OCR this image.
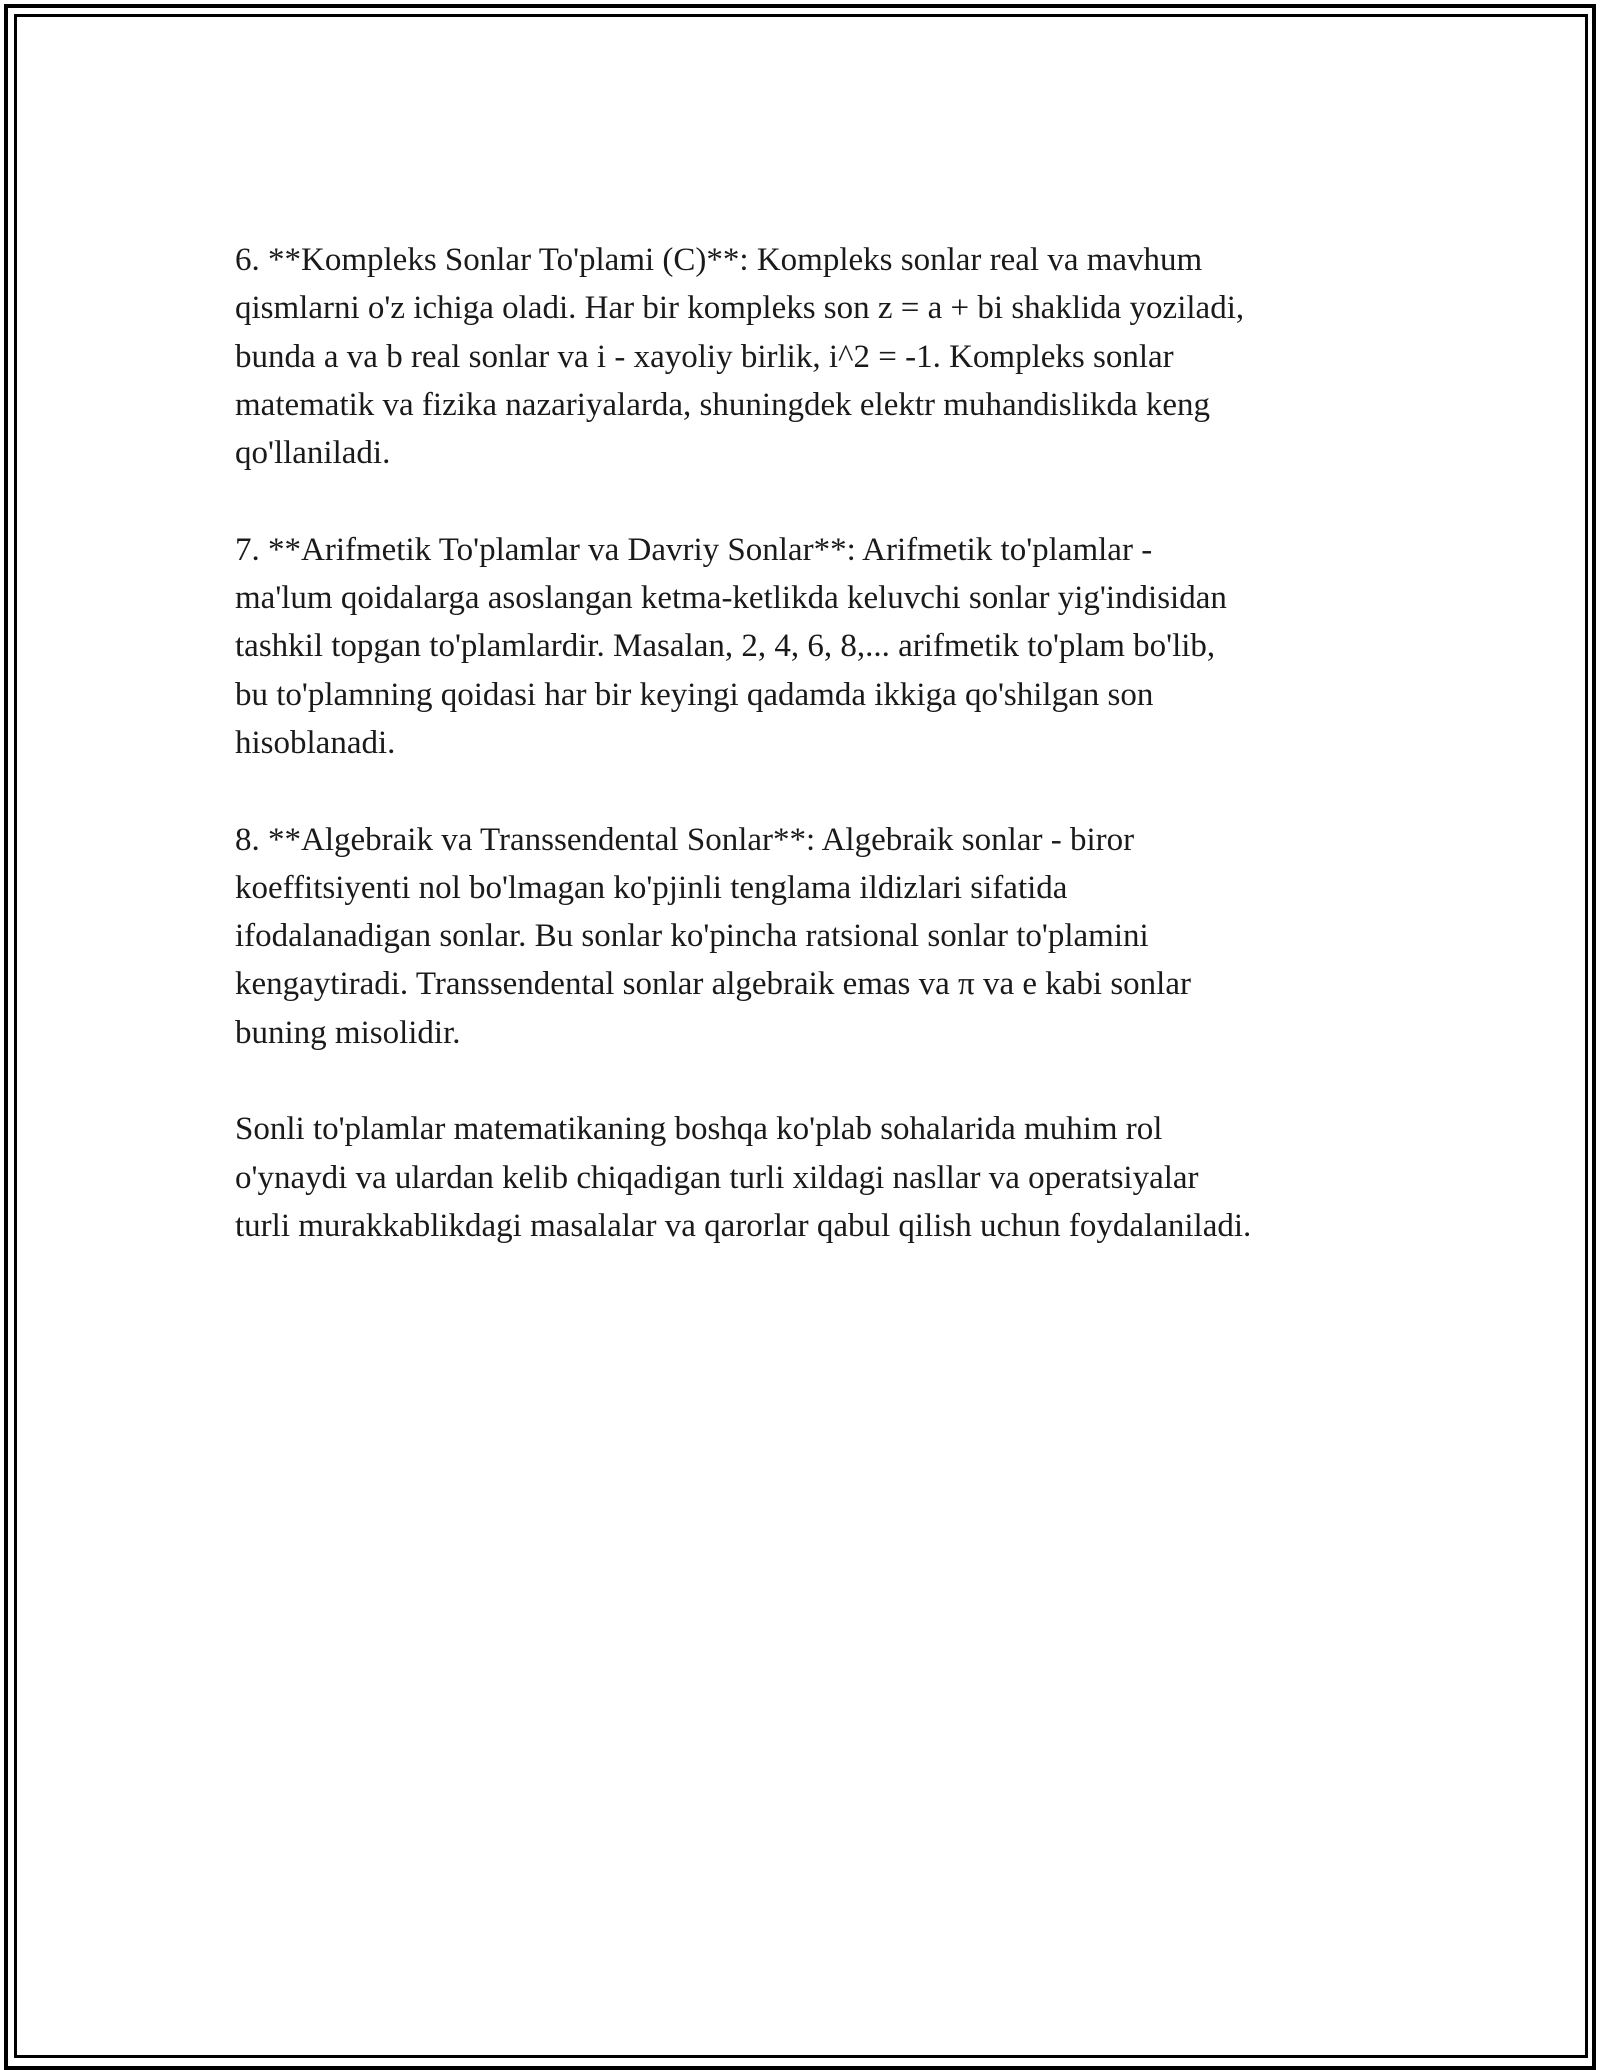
6. **Kompleks Sonlar To'plami (C)**: Kompleks sonlar real va mavhum
qismlarni o'z ichiga oladi. Har bir kompleks son z = a + bi shaklida yoziladi,
bunda a va b real sonlar va i - xayoliy birlik, i^2 = -1. Kompleks sonlar
matematik va fizika nazariyalarda, shuningdek elektr muhandislikda keng
qo'llaniladi.

7. **Arifmetik To'plamlar va Davriy Sonlar**: Arifmetik to'plamlar -
ma'lum qoidalarga asoslangan ketma-ketlikda keluvchi sonlar yig'indisidan
tashkil topgan to'plamlardir. Masalan, 2, 4, 6, 8,... arifmetik to'plam bo'lib,
bu to'plamning qoidasi har bir keyingi qadamda ikkiga qo'shilgan son
hisoblanadi.

8. **Algebraik va Transsendental Sonlar**: Algebraik sonlar - biror
koeffitsiyenti nol bo'lmagan ko'pjinli tenglama ildizlari sifatida
ifodalanadigan sonlar. Bu sonlar ko'pincha ratsional sonlar to'plamini
kengaytiradi. Transsendental sonlar algebraik emas va π va e kabi sonlar
buning misolidir.

Sonli to'plamlar matematikaning boshqa ko'plab sohalarida muhim rol
o'ynaydi va ulardan kelib chiqadigan turli xildagi nasllar va operatsiyalar
turli murakkablikdagi masalalar va qarorlar qabul qilish uchun foydalaniladi.
